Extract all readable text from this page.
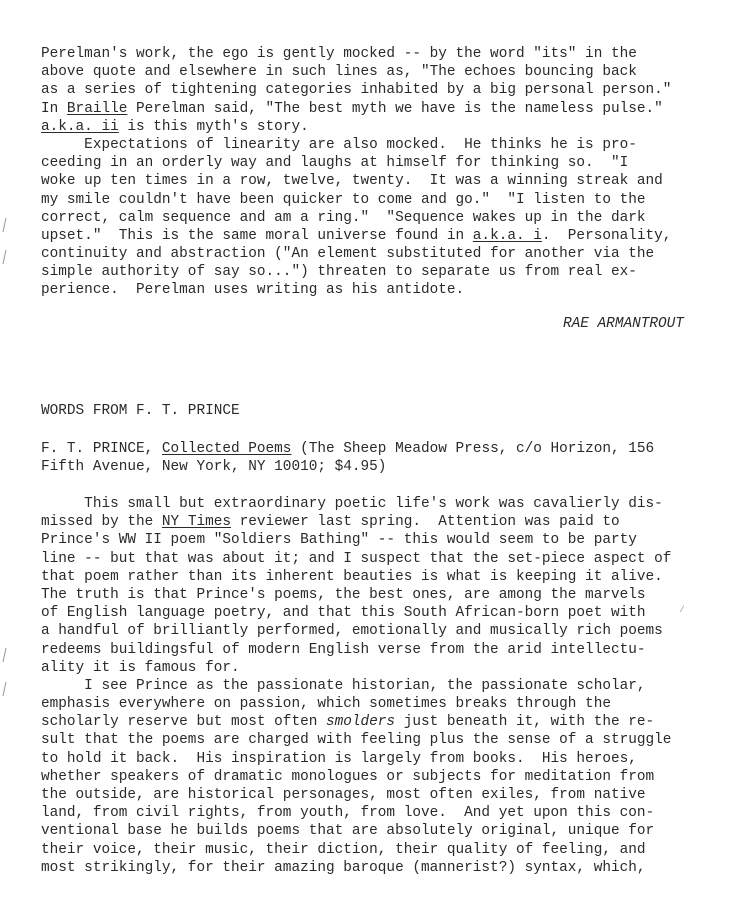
Perelman's work, the ego is gently mocked -- by the word "its" in the
above quote and elsewhere in such lines as, "The echoes bouncing back
as a series of tightening categories inhabited by a big personal person."
In Braille Perelman said, "The best myth we have is the nameless pulse."
a.k.a. ii is this myth's story.
Expectations of linearity are also mocked.  He thinks he is pro-
ceeding in an orderly way and laughs at himself for thinking so.  "I
woke up ten times in a row, twelve, twenty.  It was a winning streak and
my smile couldn't have been quicker to come and go."  "I listen to the
correct, calm sequence and am a ring."  "Sequence wakes up in the dark
upset."  This is the same moral universe found in a.k.a. i.  Personality,
continuity and abstraction ("An element substituted for another via the
simple authority of say so...") threaten to separate us from real ex-
perience.  Perelman uses writing as his antidote.
RAE ARMANTROUT
WORDS FROM F. T. PRINCE
F. T. PRINCE, Collected Poems (The Sheep Meadow Press, c/o Horizon, 156
Fifth Avenue, New York, NY 10010; $4.95)
This small but extraordinary poetic life's work was cavalierly dis-
missed by the NY Times reviewer last spring.  Attention was paid to
Prince's WW II poem "Soldiers Bathing" -- this would seem to be party
line -- but that was about it; and I suspect that the set-piece aspect of
that poem rather than its inherent beauties is what is keeping it alive.
The truth is that Prince's poems, the best ones, are among the marvels
of English language poetry, and that this South African-born poet with
a handful of brilliantly performed, emotionally and musically rich poems
redeems buildingsful of modern English verse from the arid intellectu-
ality it is famous for.
I see Prince as the passionate historian, the passionate scholar,
emphasis everywhere on passion, which sometimes breaks through the
scholarly reserve but most often smolders just beneath it, with the re-
sult that the poems are charged with feeling plus the sense of a struggle
to hold it back.  His inspiration is largely from books.  His heroes,
whether speakers of dramatic monologues or subjects for meditation from
the outside, are historical personages, most often exiles, from native
land, from civil rights, from youth, from love.  And yet upon this con-
ventional base he builds poems that are absolutely original, unique for
their voice, their music, their diction, their quality of feeling, and
most strikingly, for their amazing baroque (mannerist?) syntax, which,
⁄
